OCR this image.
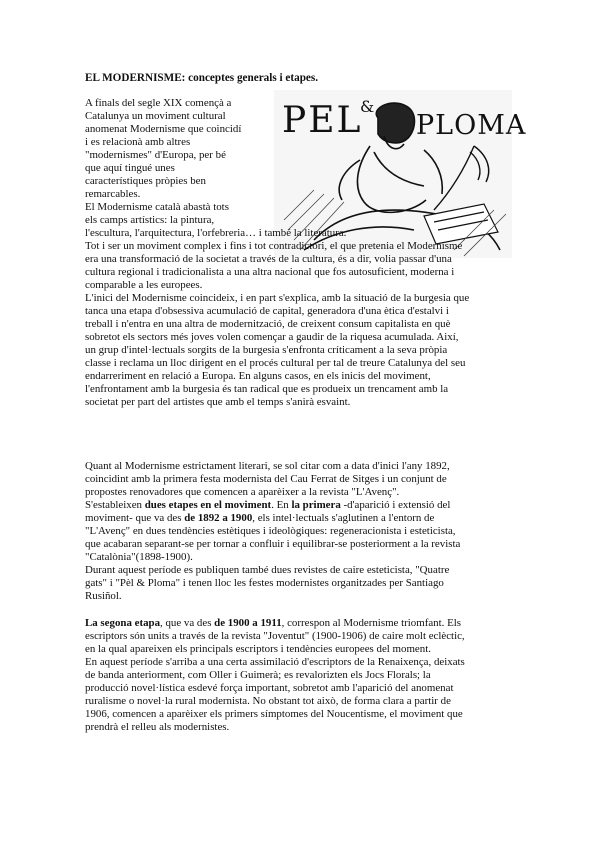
EL MODERNISME: conceptes generals i etapes.
PEL
&
PLOMA
A finals del segle XIX començà a
Catalunya un moviment cultural
anomenat Modernisme que coincidí
i es relacionà amb altres
"modernismes" d'Europa, per bé
que aquí tingué unes
característiques pròpies ben
remarcables.
El Modernisme català abastà tots
els camps artístics: la pintura,
l'escultura, l'arquitectura, l'orfebreria… i també la literatura.
Tot i ser un moviment complex i fins i tot contradictori, el que pretenia el Modernisme
era una transformació de la societat a través de la cultura, és a dir, volia passar d'una
cultura regional i tradicionalista a una altra nacional que fos autosuficient, moderna i
comparable a les europees.
L'inici del Modernisme coincideix, i en part s'explica, amb la situació de la burgesia que
tanca una etapa d'obsessiva acumulació de capital, generadora d'una ètica d'estalvi i
treball i n'entra en una altra de modernització, de creixent consum capitalista en què
sobretot els sectors més joves volen començar a gaudir de la riquesa acumulada. Així,
un grup d'intel·lectuals sorgits de la burgesia s'enfronta críticament a la seva pròpia
classe i reclama un lloc dirigent en el procés cultural per tal de treure Catalunya del seu
endarreriment en relació a Europa. En alguns casos, en els inicis del moviment,
l'enfrontament amb la burgesia és tan radical que es produeix un trencament amb la
societat per part del artistes que amb el temps s'anirà esvaint.
Quant al Modernisme estrictament literari, se sol citar com a data d'inici l'any 1892,
coincidint amb la primera festa modernista del Cau Ferrat de Sitges i un conjunt de
propostes renovadores que comencen a aparèixer a la revista "L'Avenç".
S'estableixen dues etapes en el moviment. En la primera -d'aparició i extensió del
moviment- que va des de 1892 a 1900, els intel·lectuals s'aglutinen a l'entorn de
"L'Avenç" en dues tendències estètiques i ideològiques: regeneracionista i esteticista,
que acabaran separant-se per tornar a confluir i equilibrar-se posteriorment a la revista
"Catalònia"(1898-1900).
Durant aquest període es publiquen també dues revistes de caire esteticista, "Quatre
gats" i "Pèl & Ploma" i tenen lloc les festes modernistes organitzades per Santiago
Rusiñol.
La segona etapa, que va des de 1900 a 1911, correspon al Modernisme triomfant. Els
escriptors són units a través de la revista "Joventut" (1900-1906) de caire molt eclèctic,
en la qual apareixen els principals escriptors i tendències europees del moment.
En aquest període s'arriba a una certa assimilació d'escriptors de la Renaixença, deixats
de banda anteriorment, com Oller i Guimerà; es revalorizten els Jocs Florals; la
producció novel·lística esdevé força important, sobretot amb l'aparició del anomenat
ruralisme o novel·la rural modernista. No obstant tot això, de forma clara a partir de
1906, comencen a aparèixer els primers símptomes del Noucentisme, el moviment que
prendrà el relleu als modernistes.
